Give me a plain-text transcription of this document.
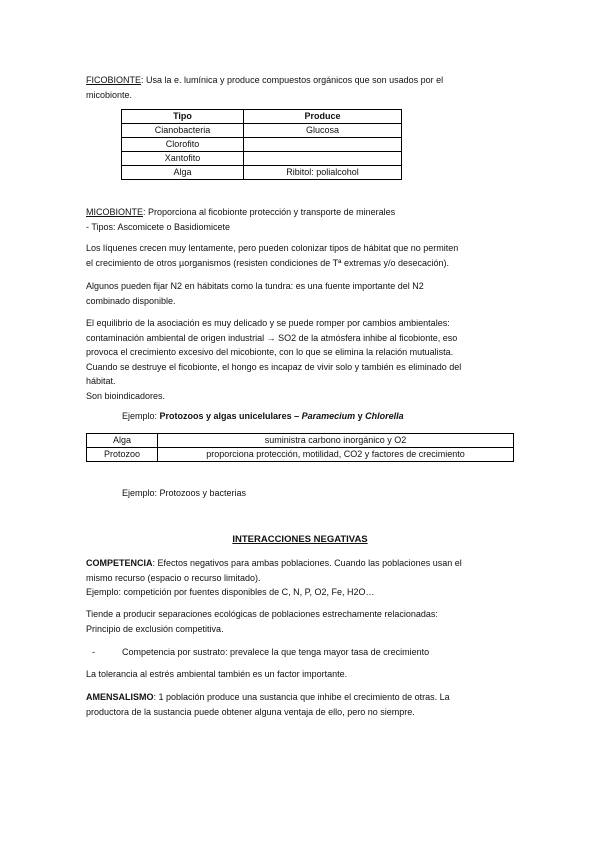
FICOBIONTE: Usa la e. lumínica y produce compuestos orgánicos que son usados por el

micobionte.

Tipo	Produce
Cianobacteria	Glucosa
Clorofito	
Xantofito	
Alga	Ribitol: polialcohol

MICOBIONTE: Proporciona al ficobionte protección y transporte de minerales

- Tipos: Ascomicete o Basidiomicete

Los líquenes crecen muy lentamente, pero pueden colonizar tipos de hábitat que no permiten

el crecimiento de otros µorganismos (resisten condiciones de Tª extremas y/o desecación).

Algunos pueden fijar N2 en hábitats como la tundra: es una fuente importante del N2

combinado disponible.

El equilibrio de la asociación es muy delicado y se puede romper por cambios ambientales:

contaminación ambiental de origen industrial → SO2 de la atmósfera inhibe al ficobionte, eso

provoca el crecimiento excesivo del micobionte, con lo que se elimina la relación mutualista.

Cuando se destruye el ficobionte, el hongo es incapaz de vivir solo y también es eliminado del

hábitat.

Son bioindicadores.

Ejemplo: Protozoos y algas unicelulares – Paramecium y Chlorella

Alga	suministra carbono inorgánico y O2
Protozoo	proporciona protección, motilidad, CO2 y factores de crecimiento

Ejemplo: Protozoos y bacterias

INTERACCIONES NEGATIVAS

COMPETENCIA: Efectos negativos para ambas poblaciones. Cuando las poblaciones usan el

mismo recurso (espacio o recurso limitado).

Ejemplo: competición por fuentes disponibles de C, N, P, O2, Fe, H2O…

Tiende a producir separaciones ecológicas de poblaciones estrechamente relacionadas:

Principio de exclusión competitiva.

-	Competencia por sustrato: prevalece la que tenga mayor tasa de crecimiento

La tolerancia al estrés ambiental también es un factor importante.

AMENSALISMO: 1 población produce una sustancia que inhibe el crecimiento de otras. La

productora de la sustancia puede obtener alguna ventaja de ello, pero no siempre.
